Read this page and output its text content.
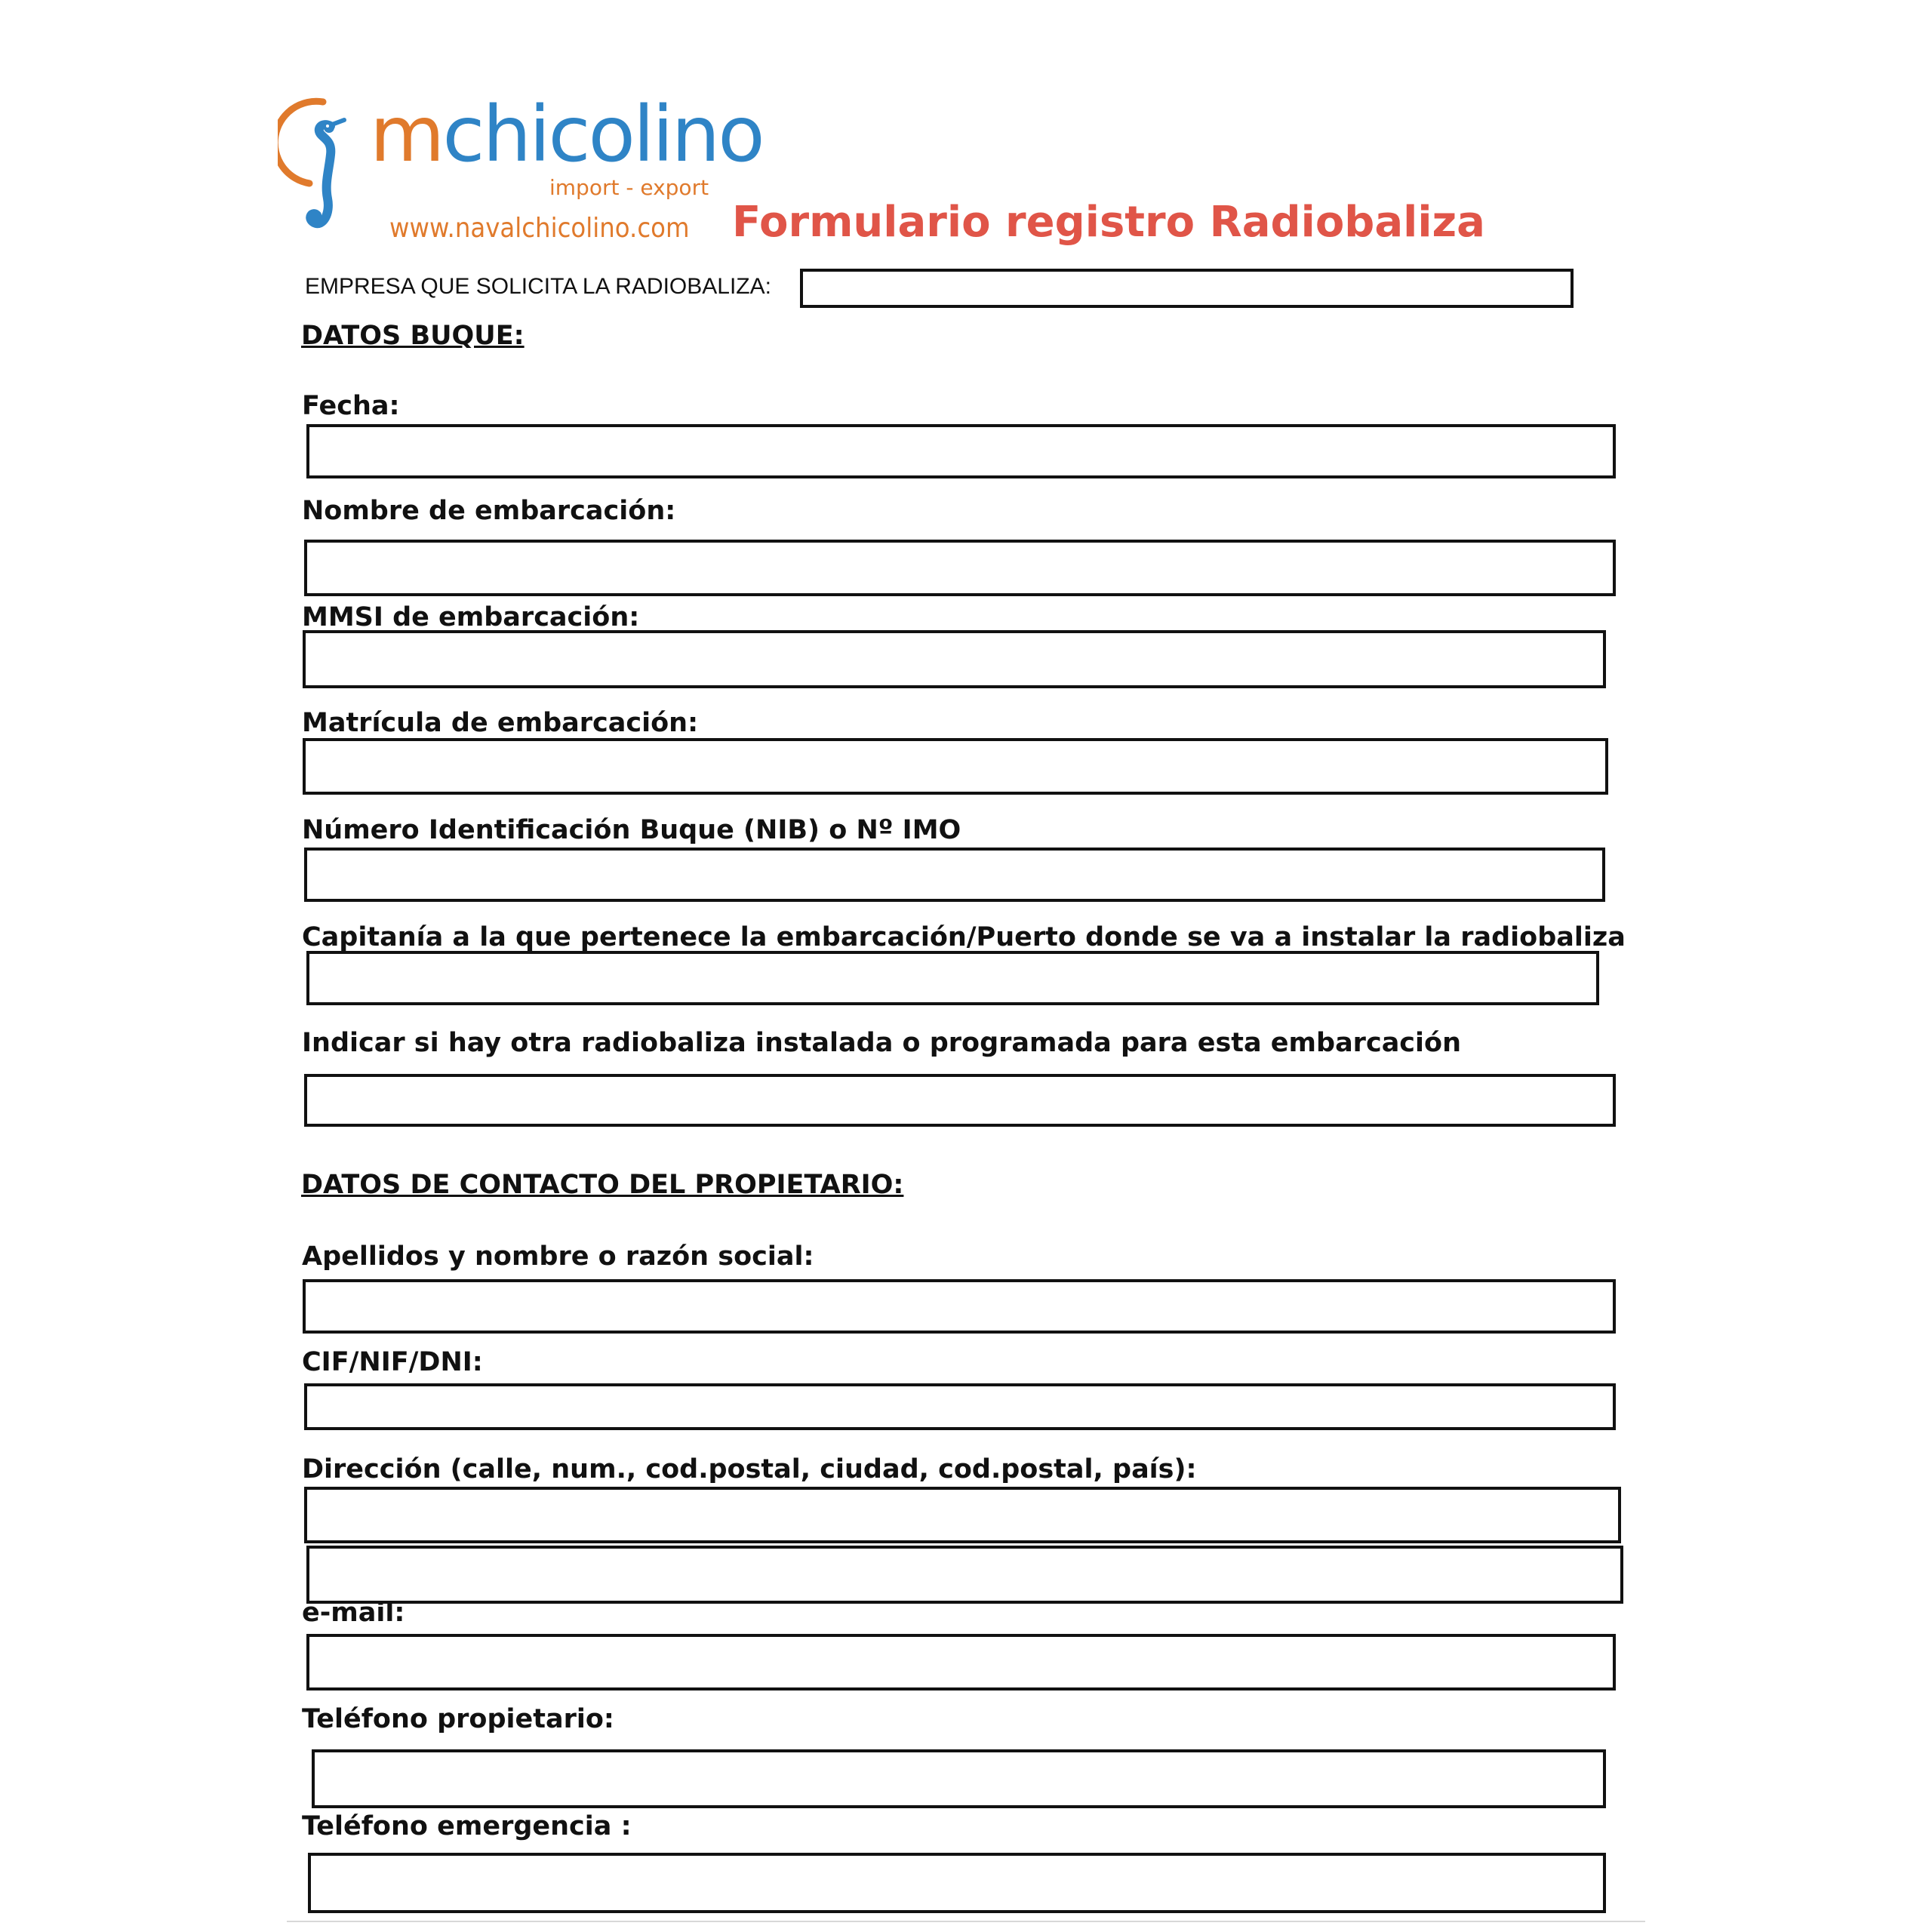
mchicolino
import - export
www.navalchicolino.com Formulario registro Radiobaliza
EMPRESA QUE SOLICITA LA RADIOBALIZA:
DATOS BUQUE:
Fecha:
Nombre de embarcación:
MMSI de embarcación:
Matrícula de embarcación:
Número Identificación Buque (NIB) o Nº IMO
Capitanía a la que pertenece la embarcación/Puerto donde se va a instalar la radiobaliza
Indicar si hay otra radiobaliza instalada o programada para esta embarcación
DATOS DE CONTACTO DEL PROPIETARIO:
Apellidos y nombre o razón social:
CIF/NIF/DNI:
Dirección (calle, num., cod.postal, ciudad, cod.postal, país):
e-mail:
Teléfono propietario:
Teléfono emergencia :
